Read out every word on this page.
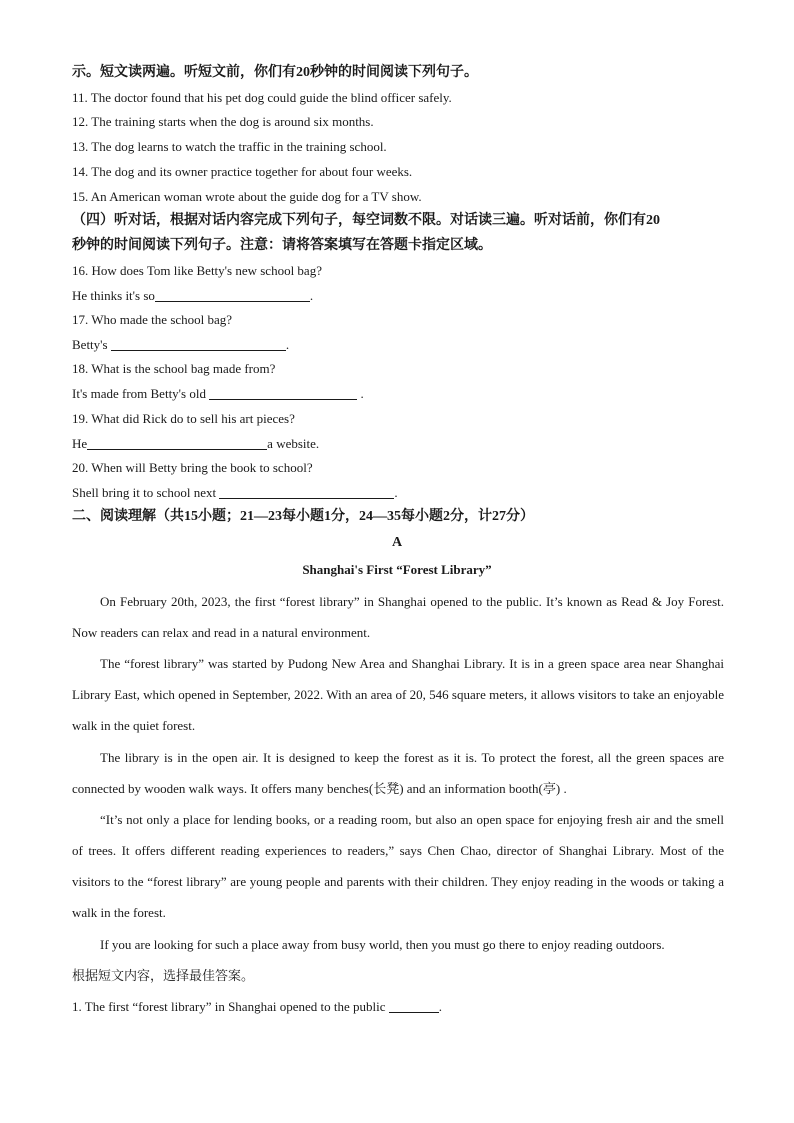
示。短文读两遍。听短文前，你们有20秒钟的时间阅读下列句子。
11. The doctor found that his pet dog could guide the blind officer safely.
12. The training starts when the dog is around six months.
13. The dog learns to watch the traffic in the training school.
14. The dog and its owner practice together for about four weeks.
15. An American woman wrote about the guide dog for a TV show.
（四）听对话，根据对话内容完成下列句子，每空词数不限。对话读三遍。听对话前，你们有20
秒钟的时间阅读下列句子。注意：请将答案填写在答题卡指定区域。
16. How does Tom like Betty's new school bag?
He thinks it's so	.
17. Who made the school bag?
Betty's	.
18. What is the school bag made from?
It's made from Betty's old	.
19. What did Rick do to sell his art pieces?
He	a website.
20. When will Betty bring the book to school?
Shell bring it to school next	.
二、阅读理解（共15小题；21—23每小题1分，24—35每小题2分，计27分）
A
Shanghai's First “Forest Library”
On February 20th, 2023, the first “forest library” in Shanghai opened to the public. It’s known as Read & Joy Forest. Now readers can relax and read in a natural environment.
The “forest library” was started by Pudong New Area and Shanghai Library. It is in a green space area near Shanghai Library East, which opened in September, 2022. With an area of 20, 546 square meters, it allows visitors to take an enjoyable walk in the quiet forest.
The library is in the open air. It is designed to keep the forest as it is. To protect the forest, all the green spaces are connected by wooden walk ways. It offers many benches(长凳) and an information booth(亭) .
“It’s not only a place for lending books, or a reading room, but also an open space for enjoying fresh air and the smell of trees. It offers different reading experiences to readers,” says Chen Chao, director of Shanghai Library. Most of the visitors to the “forest library” are young people and parents with their children. They enjoy reading in the woods or taking a walk in the forest.
If you are looking for such a place away from busy world, then you must go there to enjoy reading outdoors.
根据短文内容，选择最佳答案。
1. The first “forest library” in Shanghai opened to the public	.
